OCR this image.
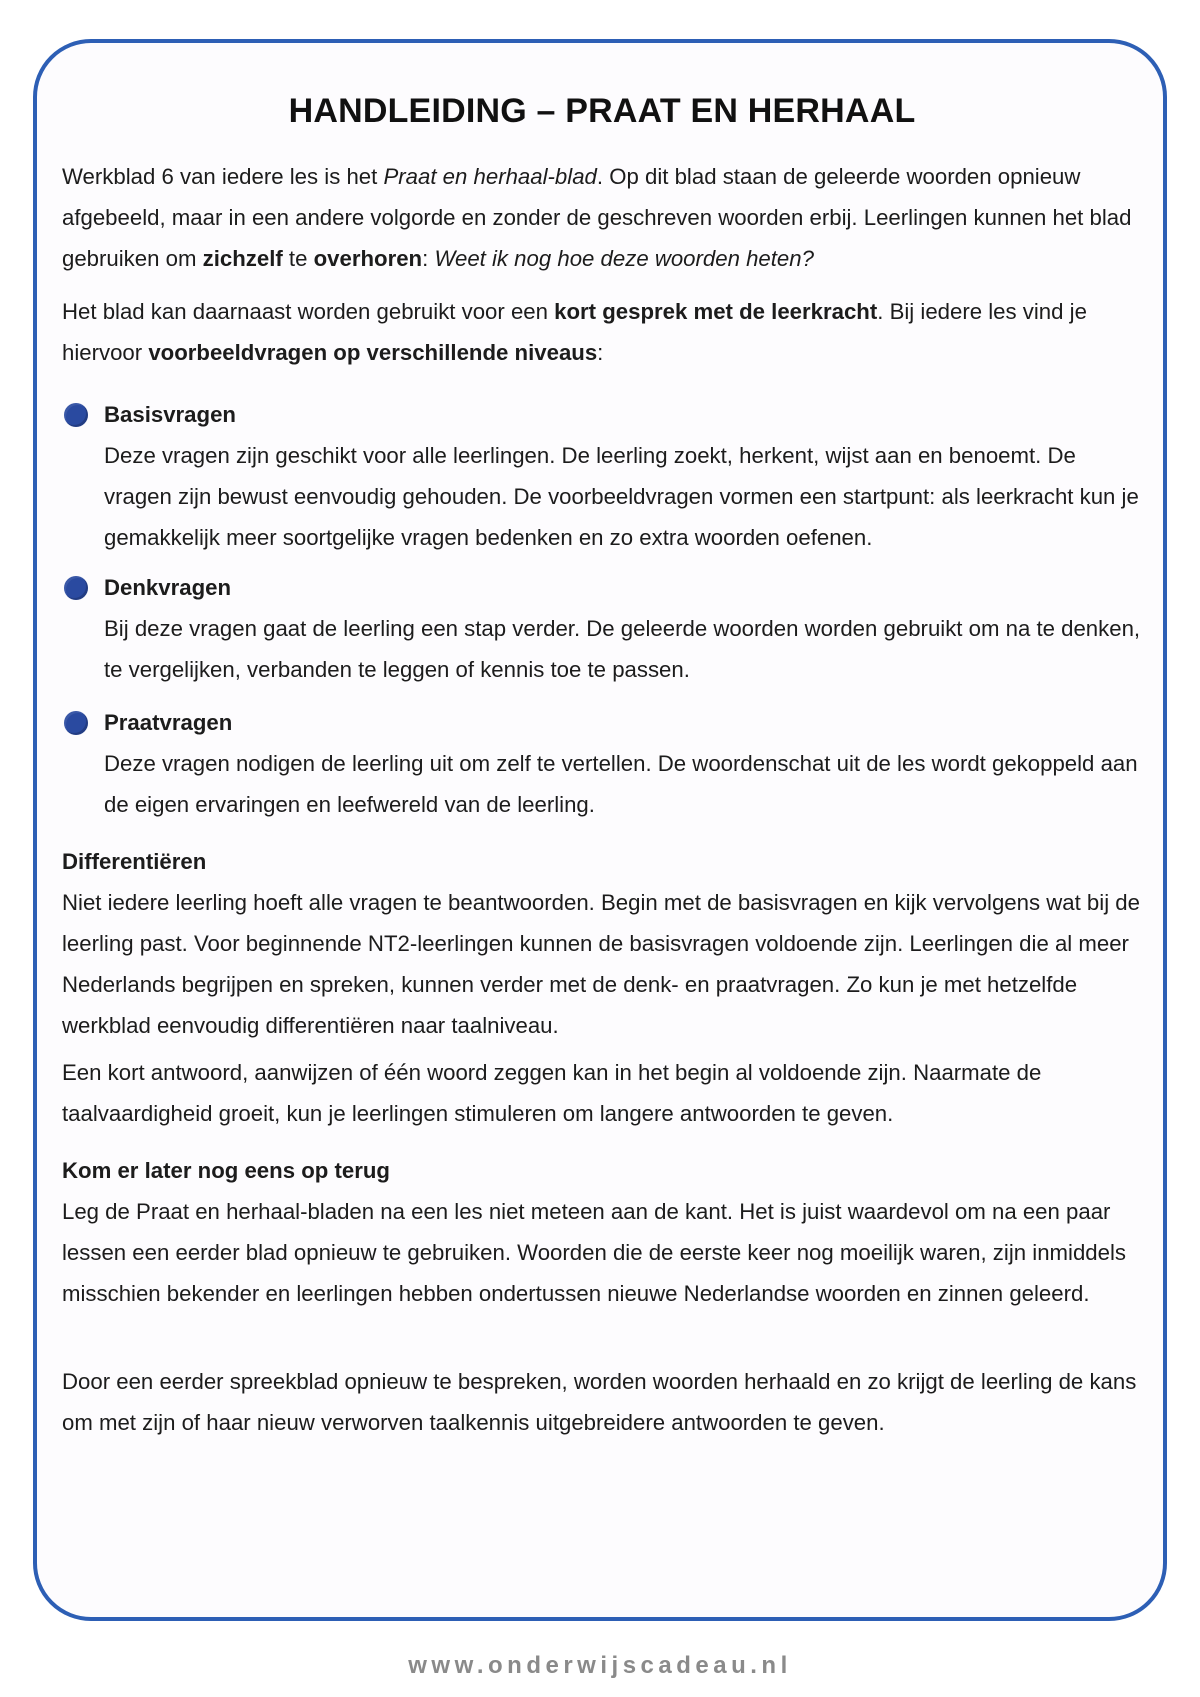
HANDLEIDING – PRAAT EN HERHAAL

Werkblad 6 van iedere les is het Praat en herhaal-blad. Op dit blad staan de geleerde woorden opnieuw afgebeeld, maar in een andere volgorde en zonder de geschreven woorden erbij. Leerlingen kunnen het blad gebruiken om zichzelf te overhoren: Weet ik nog hoe deze woorden heten?

Het blad kan daarnaast worden gebruikt voor een kort gesprek met de leerkracht. Bij iedere les vind je hiervoor voorbeeldvragen op verschillende niveaus:

Basisvragen

Deze vragen zijn geschikt voor alle leerlingen. De leerling zoekt, herkent, wijst aan en benoemt. De vragen zijn bewust eenvoudig gehouden. De voorbeeldvragen vormen een startpunt: als leerkracht kun je gemakkelijk meer soortgelijke vragen bedenken en zo extra woorden oefenen.

Denkvragen

Bij deze vragen gaat de leerling een stap verder. De geleerde woorden worden gebruikt om na te denken, te vergelijken, verbanden te leggen of kennis toe te passen.

Praatvragen

Deze vragen nodigen de leerling uit om zelf te vertellen. De woordenschat uit de les wordt gekoppeld aan de eigen ervaringen en leefwereld van de leerling.

Differentiëren

Niet iedere leerling hoeft alle vragen te beantwoorden. Begin met de basisvragen en kijk vervolgens wat bij de leerling past. Voor beginnende NT2-leerlingen kunnen de basisvragen voldoende zijn. Leerlingen die al meer Nederlands begrijpen en spreken, kunnen verder met de denk- en praatvragen. Zo kun je met hetzelfde werkblad eenvoudig differentiëren naar taalniveau.

Een kort antwoord, aanwijzen of één woord zeggen kan in het begin al voldoende zijn. Naarmate de taalvaardigheid groeit, kun je leerlingen stimuleren om langere antwoorden te geven.

Kom er later nog eens op terug

Leg de Praat en herhaal-bladen na een les niet meteen aan de kant. Het is juist waardevol om na een paar lessen een eerder blad opnieuw te gebruiken. Woorden die de eerste keer nog moeilijk waren, zijn inmiddels misschien bekender en leerlingen hebben ondertussen nieuwe Nederlandse woorden en zinnen geleerd.

Door een eerder spreekblad opnieuw te bespreken, worden woorden herhaald en zo krijgt de leerling de kans om met zijn of haar nieuw verworven taalkennis uitgebreidere antwoorden te geven.

www.onderwijscadeau.nl
